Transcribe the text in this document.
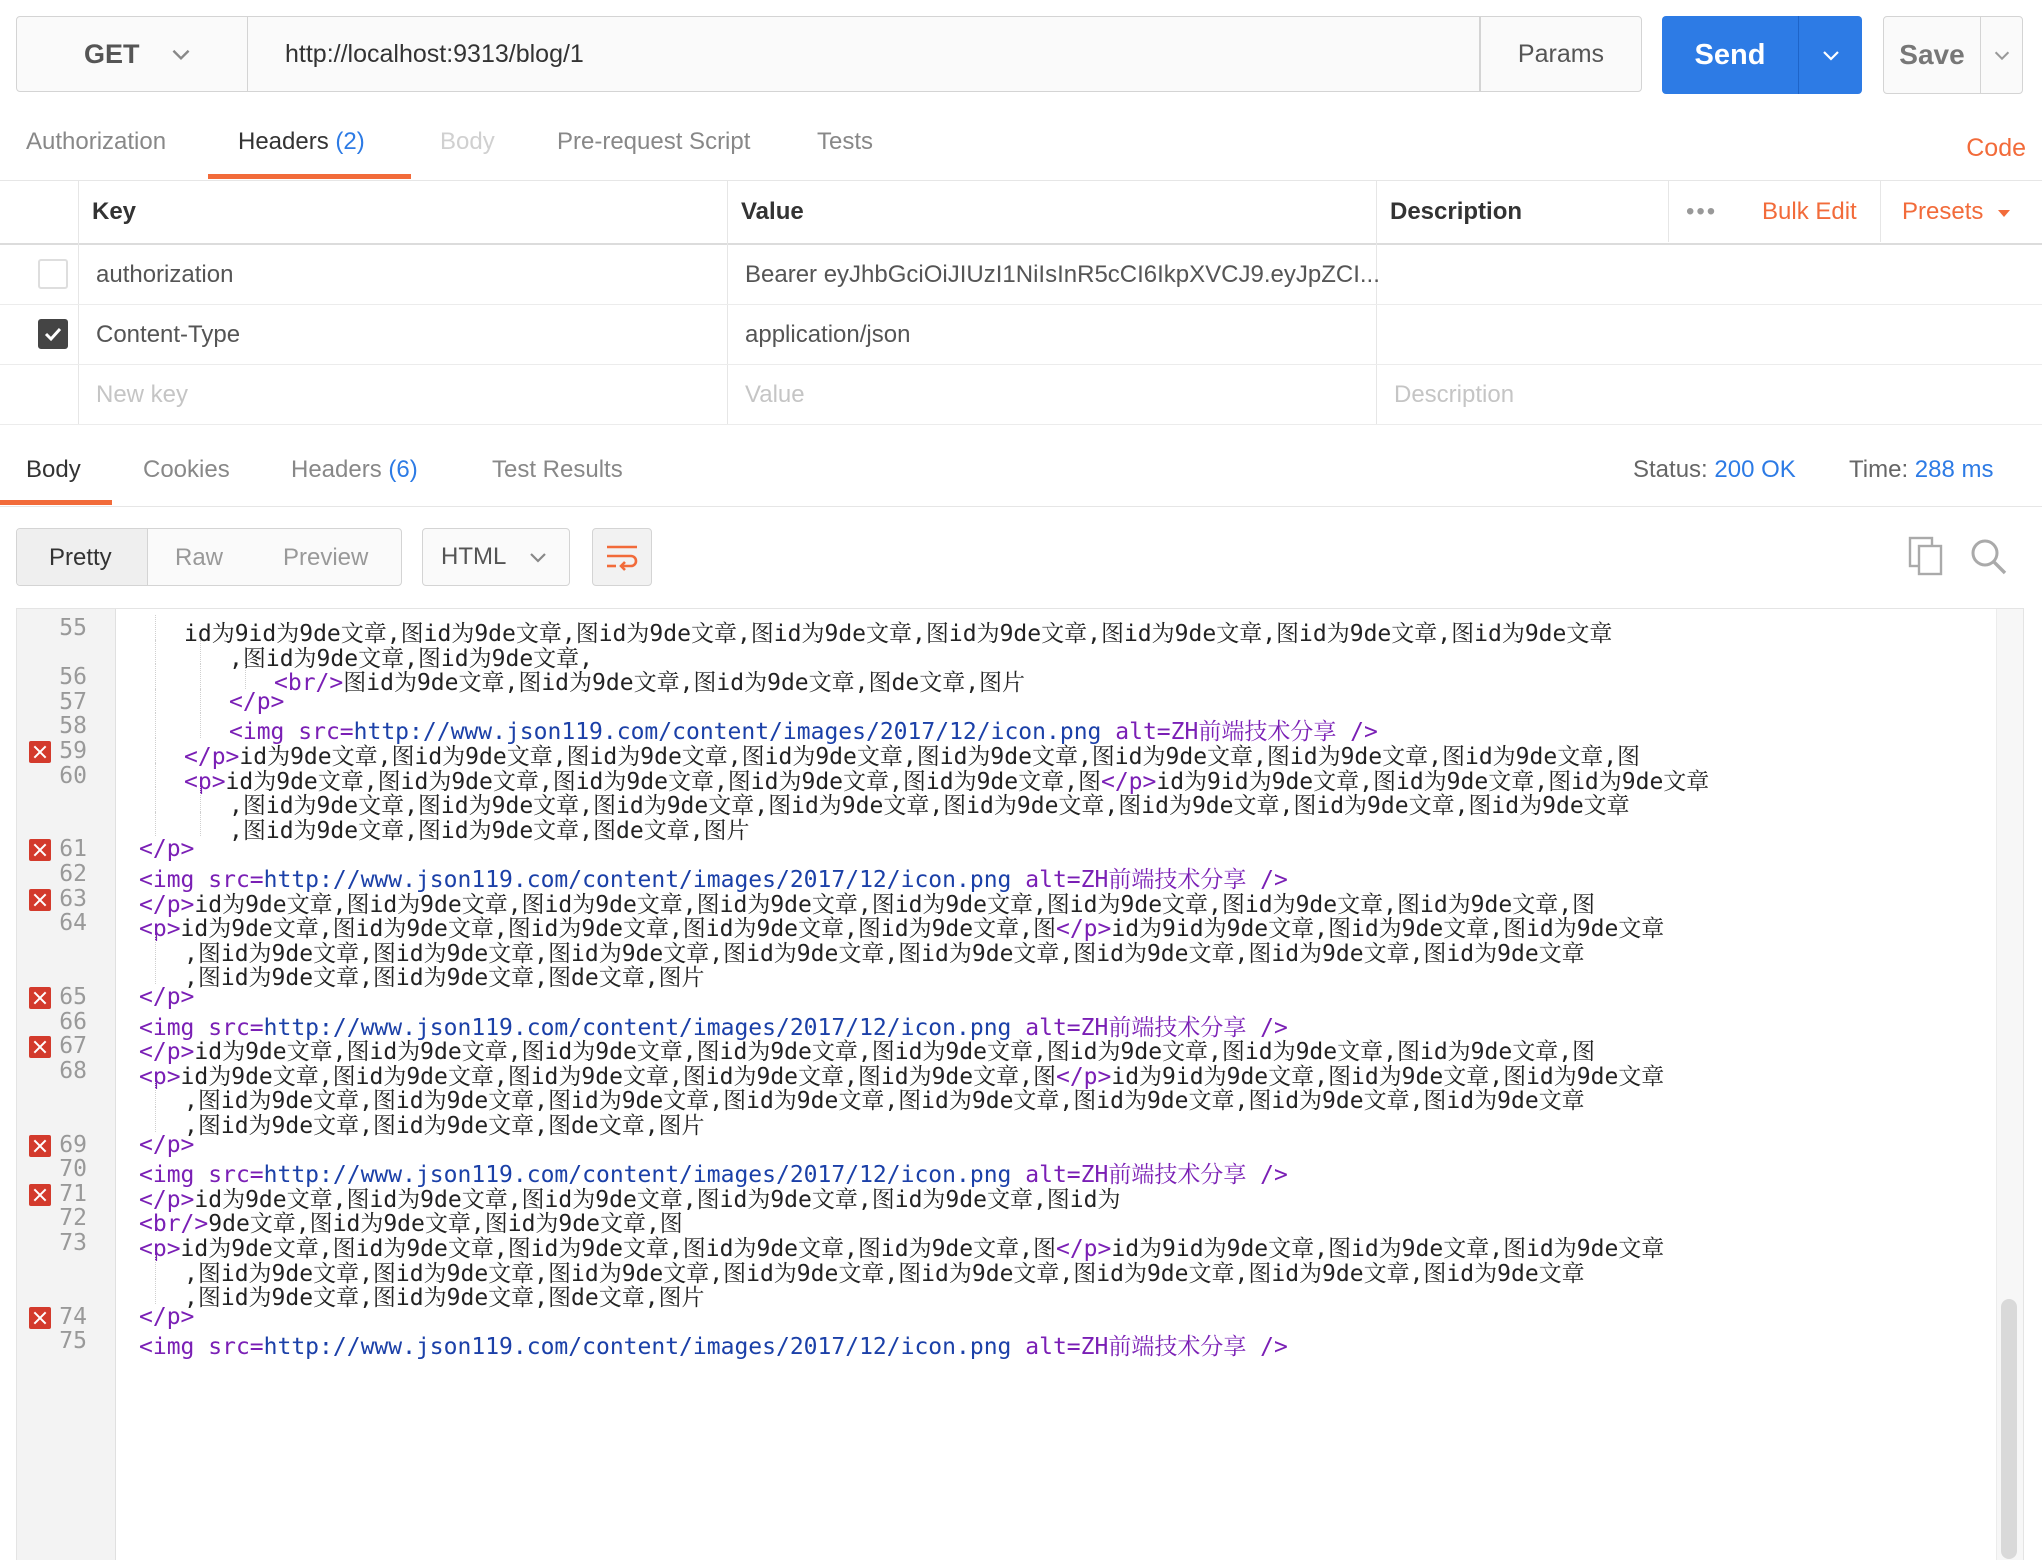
GET	http://localhost:9313/blog/1	Params	Send	Save
Authorization	Headers (2)	Body	Pre-request Script	Tests	Code
Key	Value	Description	••• Bulk Edit Presets
authorization	Bearer eyJhbGciOiJIUzI1NiIsInR5cCI6IkpXVCJ9.eyJpZCI...
Content-Type	application/json
New key	Value	Description
Body	Cookies	Headers (6)	Test Results	Status: 200 OK Time: 288 ms
Pretty	Raw Preview	HTML
55	id为9id为9de文章,图id为9de文章,图id为9de文章,图id为9de文章,图id为9de文章,图id为9de文章,图id为9de文章,图id为9de文章
,图id为9de文章,图id为9de文章,
56	<br/>图id为9de文章,图id为9de文章,图id为9de文章,图de文章,图片
57	</p>
58	<img src=http://www.json119.com/content/images/2017/12/icon.png alt=ZH前端技术分享 />
59	</p>id为9de文章,图id为9de文章,图id为9de文章,图id为9de文章,图id为9de文章,图id为9de文章,图id为9de文章,图id为9de文章,图
60	<p>id为9de文章,图id为9de文章,图id为9de文章,图id为9de文章,图id为9de文章,图</p>id为9id为9de文章,图id为9de文章,图id为9de文章
,图id为9de文章,图id为9de文章,图id为9de文章,图id为9de文章,图id为9de文章,图id为9de文章,图id为9de文章,图id为9de文章
,图id为9de文章,图id为9de文章,图de文章,图片
61 </p>
62 <img src=http://www.json119.com/content/images/2017/12/icon.png alt=ZH前端技术分享 />
63 </p>id为9de文章,图id为9de文章,图id为9de文章,图id为9de文章,图id为9de文章,图id为9de文章,图id为9de文章,图id为9de文章,图
64 <p>id为9de文章,图id为9de文章,图id为9de文章,图id为9de文章,图id为9de文章,图</p>id为9id为9de文章,图id为9de文章,图id为9de文章
,图id为9de文章,图id为9de文章,图id为9de文章,图id为9de文章,图id为9de文章,图id为9de文章,图id为9de文章,图id为9de文章
,图id为9de文章,图id为9de文章,图de文章,图片
65 </p>
66 <img src=http://www.json119.com/content/images/2017/12/icon.png alt=ZH前端技术分享 />
67 </p>id为9de文章,图id为9de文章,图id为9de文章,图id为9de文章,图id为9de文章,图id为9de文章,图id为9de文章,图id为9de文章,图
68 <p>id为9de文章,图id为9de文章,图id为9de文章,图id为9de文章,图id为9de文章,图</p>id为9id为9de文章,图id为9de文章,图id为9de文章
,图id为9de文章,图id为9de文章,图id为9de文章,图id为9de文章,图id为9de文章,图id为9de文章,图id为9de文章,图id为9de文章
,图id为9de文章,图id为9de文章,图de文章,图片
69 </p>
70 <img src=http://www.json119.com/content/images/2017/12/icon.png alt=ZH前端技术分享 />
71 </p>id为9de文章,图id为9de文章,图id为9de文章,图id为9de文章,图id为9de文章,图id为
72 <br/>9de文章,图id为9de文章,图id为9de文章,图
73 <p>id为9de文章,图id为9de文章,图id为9de文章,图id为9de文章,图id为9de文章,图</p>id为9id为9de文章,图id为9de文章,图id为9de文章
,图id为9de文章,图id为9de文章,图id为9de文章,图id为9de文章,图id为9de文章,图id为9de文章,图id为9de文章,图id为9de文章
,图id为9de文章,图id为9de文章,图de文章,图片
74 </p>
75 <img src=http://www.json119.com/content/images/2017/12/icon.png alt=ZH前端技术分享 />
